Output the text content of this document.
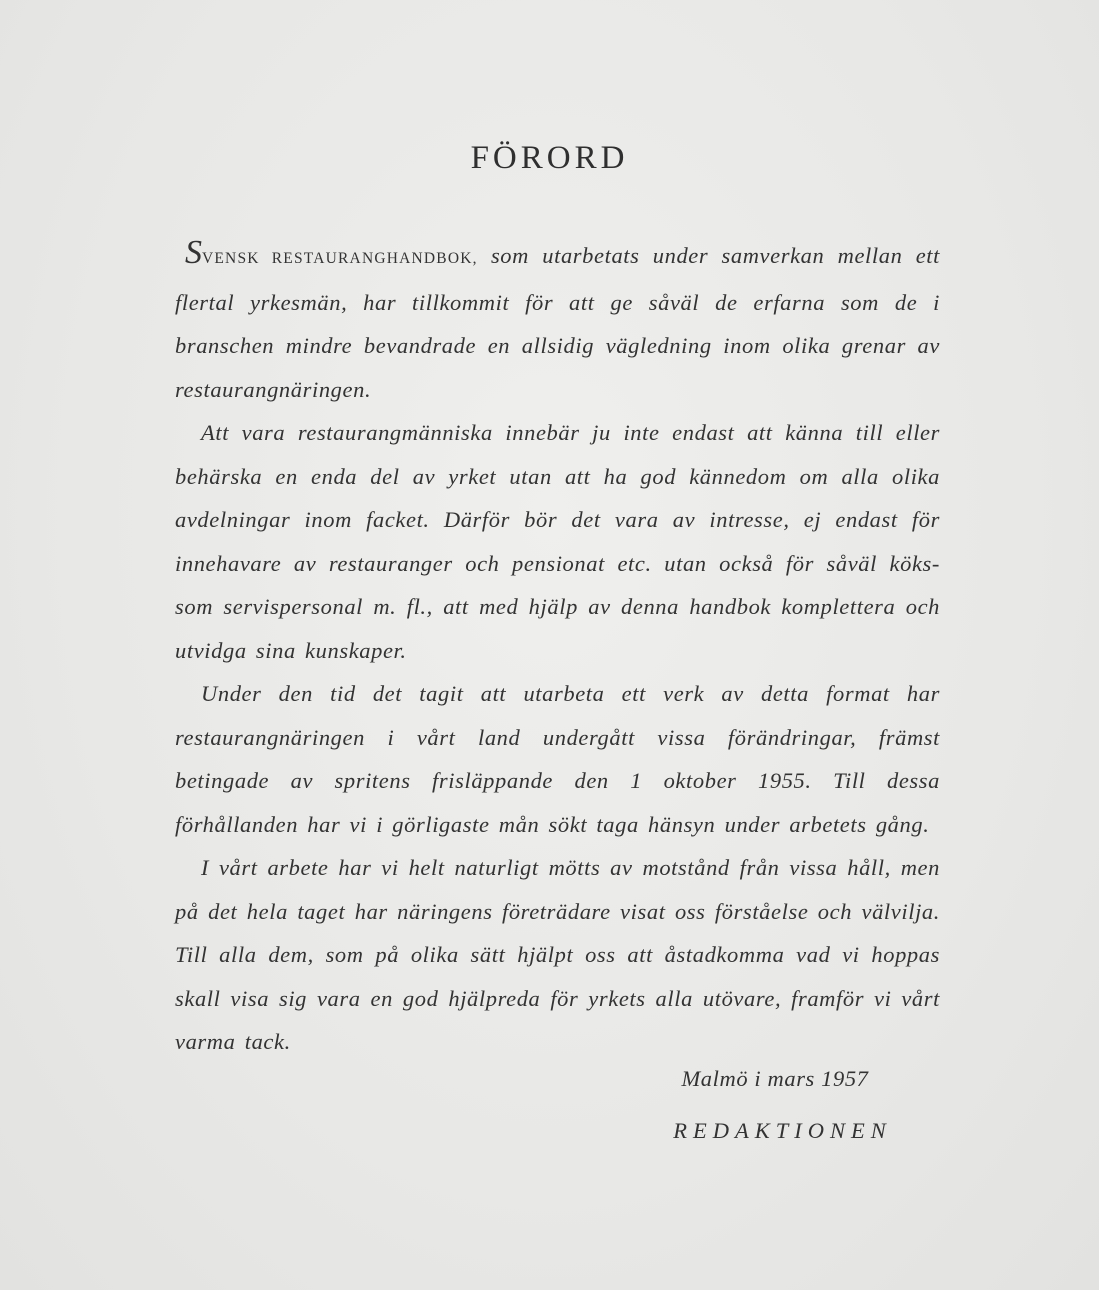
FÖRORD

SVENSK RESTAURANGHANDBOK, som utarbetats under samverkan mellan ett flertal yrkesmän, har tillkommit för att ge såväl de erfarna som de i branschen mindre bevandrade en allsidig vägledning inom olika grenar av restaurangnäringen.

Att vara restaurangmänniska innebär ju inte endast att känna till eller behärska en enda del av yrket utan att ha god kännedom om alla olika avdelningar inom facket. Därför bör det vara av intresse, ej endast för innehavare av restauranger och pensionat etc. utan också för såväl köks- som servispersonal m. fl., att med hjälp av denna handbok komplettera och utvidga sina kunskaper.

Under den tid det tagit att utarbeta ett verk av detta format har restaurangnäringen i vårt land undergått vissa förändringar, främst betingade av spritens frisläppande den 1 oktober 1955. Till dessa förhållanden har vi i görligaste mån sökt taga hänsyn under arbetets gång.

I vårt arbete har vi helt naturligt mötts av motstånd från vissa håll, men på det hela taget har näringens företrädare visat oss förståelse och välvilja. Till alla dem, som på olika sätt hjälpt oss att åstadkomma vad vi hoppas skall visa sig vara en god hjälpreda för yrkets alla utövare, framför vi vårt varma tack.

Malmö i mars 1957
REDAKTIONEN
